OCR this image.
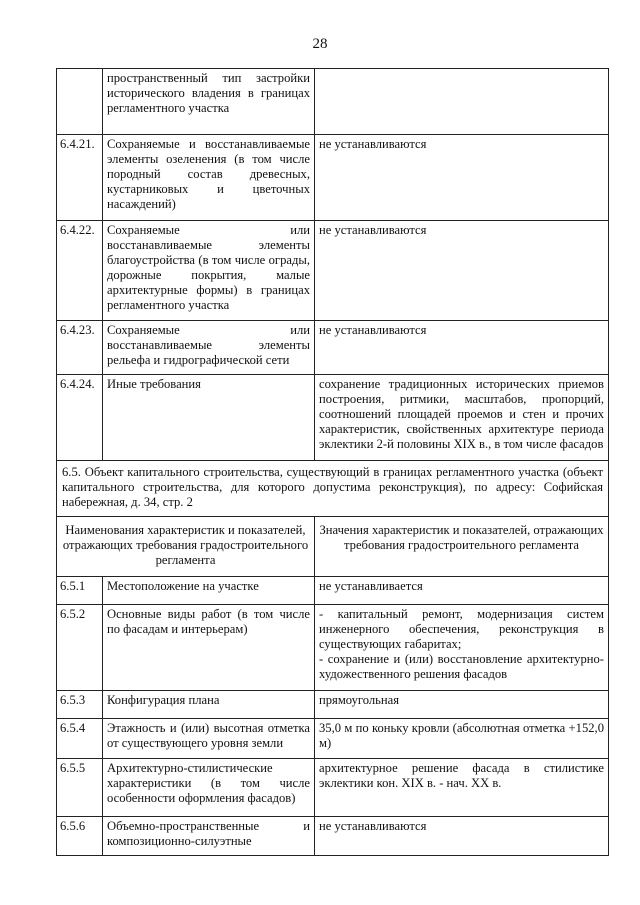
28
	пространственный тип застройки исторического владения в границах регламентного участка	
6.4.21.	Сохраняемые и восстанавливаемые элементы озеленения (в том числе породный состав древесных, кустарниковых и цветочных насаждений)	не устанавливаются
6.4.22.	Сохраняемые или восстанавливаемые элементы благоустройства (в том числе ограды, дорожные покрытия, малые архитектурные формы) в границах регламентного участка	не устанавливаются
6.4.23.	Сохраняемые или восстанавливаемые элементы рельефа и гидрографической сети	не устанавливаются
6.4.24.	Иные требования	сохранение традиционных исторических приемов построения, ритмики, масштабов, пропорций, соотношений площадей проемов и стен и прочих характеристик, свойственных архитектуре периода эклектики 2-й половины XIX в., в том числе фасадов
6.5. Объект капитального строительства, существующий в границах регламентного участка (объект капитального строительства, для которого допустима реконструкция), по адресу: Софийская набережная, д. 34, стр. 2		
Наименования характеристик и показателей, отражающих требования градостроительного регламента		Значения характеристик и показателей, отражающих требования градостроительного регламента
6.5.1	Местоположение на участке	не устанавливается
6.5.2	Основные виды работ (в том числе по фасадам и интерьерам)	- капитальный ремонт, модернизация систем инженерного обеспечения, реконструкция в существующих габаритах;
- сохранение и (или) восстановление архитектурно-художественного решения фасадов
6.5.3	Конфигурация плана	прямоугольная
6.5.4	Этажность и (или) высотная отметка от существующего уровня земли	35,0 м по коньку кровли (абсолютная отметка +152,0 м)
6.5.5	Архитектурно-стилистические характеристики (в том числе особенности оформления фасадов)	архитектурное решение фасада в стилистике эклектики кон. XIX в. - нач. XX в.
6.5.6	Объемно-пространственные и композиционно-силуэтные	не устанавливаются
